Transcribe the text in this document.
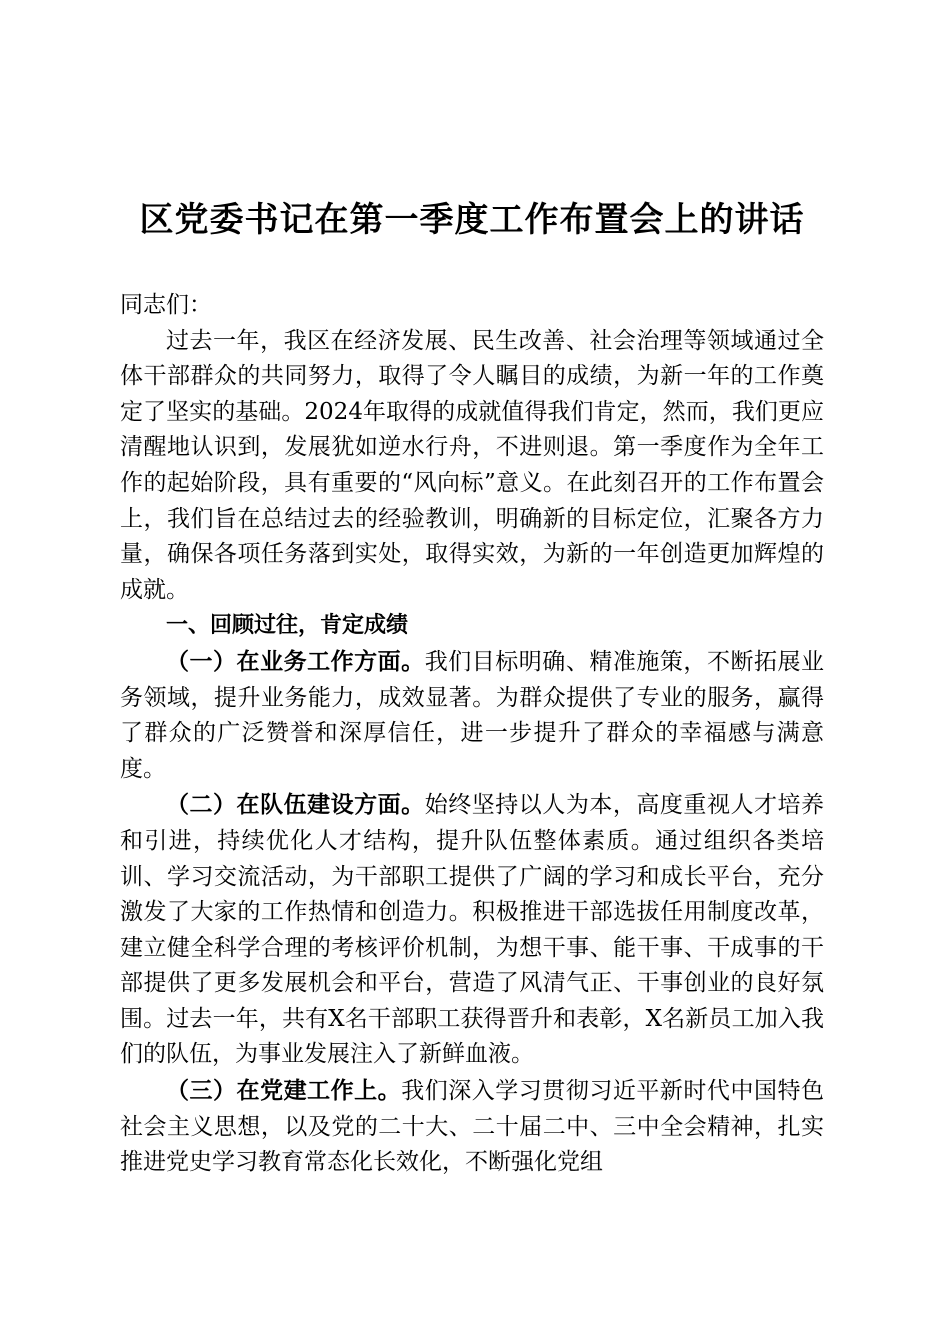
区党委书记在第一季度工作布置会上的讲话

同志们：

过去一年，我区在经济发展、民生改善、社会治理等领域通过全体干部群众的共同努力，取得了令人瞩目的成绩，为新一年的工作奠定了坚实的基础。2024年取得的成就值得我们肯定，然而，我们更应清醒地认识到，发展犹如逆水行舟，不进则退。第一季度作为全年工作的起始阶段，具有重要的“风向标”意义。在此刻召开的工作布置会上，我们旨在总结过去的经验教训，明确新的目标定位，汇聚各方力量，确保各项任务落到实处，取得实效，为新的一年创造更加辉煌的成就。

一、回顾过往，肯定成绩

（一）在业务工作方面。我们目标明确、精准施策，不断拓展业务领域，提升业务能力，成效显著。为群众提供了专业的服务，赢得了群众的广泛赞誉和深厚信任，进一步提升了群众的幸福感与满意度。

（二）在队伍建设方面。始终坚持以人为本，高度重视人才培养和引进，持续优化人才结构，提升队伍整体素质。通过组织各类培训、学习交流活动，为干部职工提供了广阔的学习和成长平台，充分激发了大家的工作热情和创造力。积极推进干部选拔任用制度改革，建立健全科学合理的考核评价机制，为想干事、能干事、干成事的干部提供了更多发展机会和平台，营造了风清气正、干事创业的良好氛围。过去一年，共有X名干部职工获得晋升和表彰，X名新员工加入我们的队伍，为事业发展注入了新鲜血液。

（三）在党建工作上。我们深入学习贯彻习近平新时代中国特色社会主义思想，以及党的二十大、二十届二中、三中全会精神，扎实推进党史学习教育常态化长效化，不断强化党组
